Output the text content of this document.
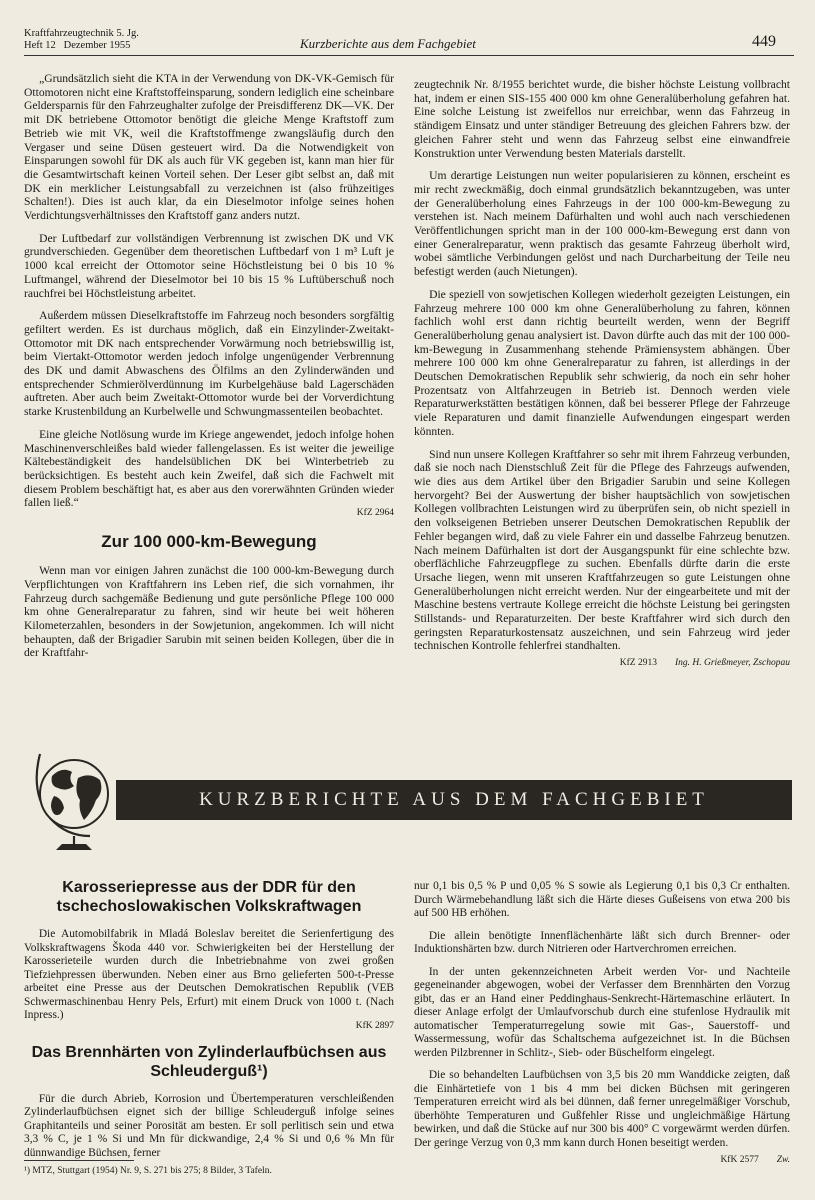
Kraftfahrzeugtechnik 5. Jg.
Heft 12   Dezember 1955	Kurzberichte aus dem Fachgebiet	449

„Grundsätzlich sieht die KTA in der Verwendung von DK-VK-Gemisch für Ottomotoren nicht eine Kraftstoffeinsparung, sondern lediglich eine scheinbare Geldersparnis für den Fahrzeughalter zufolge der Preisdifferenz DK—VK. Der mit DK betriebene Ottomotor benötigt die gleiche Menge Kraftstoff zum Betrieb wie mit VK, weil die Kraftstoffmenge zwangsläufig durch den Vergaser und seine Düsen gesteuert wird. Da die Notwendigkeit von Einsparungen sowohl für DK als auch für VK gegeben ist, kann man hier für die Gesamtwirtschaft keinen Vorteil sehen. Der Leser gibt selbst an, daß mit DK ein merklicher Leistungsabfall zu verzeichnen ist (also frühzeitiges Schalten!). Dies ist auch klar, da ein Dieselmotor infolge seines hohen Verdichtungsverhältnisses den Kraftstoff ganz anders nutzt.

Der Luftbedarf zur vollständigen Verbrennung ist zwischen DK und VK grundverschieden. Gegenüber dem theoretischen Luftbedarf von 1 m³ Luft je 1000 kcal erreicht der Ottomotor seine Höchstleistung bei 0 bis 10 % Luftmangel, während der Dieselmotor bei 10 bis 15 % Luftüberschuß noch rauchfrei bei Höchstleistung arbeitet.

Außerdem müssen Dieselkraftstoffe im Fahrzeug noch besonders sorgfältig gefiltert werden. Es ist durchaus möglich, daß ein Einzylinder-Zweitakt-Ottomotor mit DK nach entsprechender Vorwärmung noch betriebswillig ist, beim Viertakt-Ottomotor werden jedoch infolge ungenügender Verbrennung des DK und damit Abwaschens des Ölfilms an den Zylinderwänden und entsprechender Schmierölverdünnung im Kurbelgehäuse bald Lagerschäden auftreten. Aber auch beim Zweitakt-Ottomotor wurde bei der Vorverdichtung starke Krustenbildung an Kurbelwelle und Schwungmassenteilen beobachtet.

Eine gleiche Notlösung wurde im Kriege angewendet, jedoch infolge hohen Maschinenverschleißes bald wieder fallengelassen. Es ist weiter die jeweilige Kältebeständigkeit des handelsüblichen DK bei Winterbetrieb zu berücksichtigen. Es besteht auch kein Zweifel, daß sich die Fachwelt mit diesem Problem beschäftigt hat, es aber aus den vorerwähnten Gründen wieder fallen ließ.“

KfZ 2964
Zur 100 000-km-Bewegung

Wenn man vor einigen Jahren zunächst die 100 000-km-Bewegung durch Verpflichtungen von Kraftfahrern ins Leben rief, die sich vornahmen, ihr Fahrzeug durch sachgemäße Bedienung und gute persönliche Pflege 100 000 km ohne Generalreparatur zu fahren, sind wir heute bei weit höheren Kilometerzahlen, besonders in der Sowjetunion, angekommen. Ich will nicht behaupten, daß der Brigadier Sarubin mit seinen beiden Kollegen, über die in der Kraftfahr-

zeugtechnik Nr. 8/1955 berichtet wurde, die bisher höchste Leistung vollbracht hat, indem er einen SIS-155 400 000 km ohne Generalüberholung gefahren hat. Eine solche Leistung ist zweifellos nur erreichbar, wenn das Fahrzeug in ständigem Einsatz und unter ständiger Betreuung des gleichen Fahrers bzw. der gleichen Fahrer steht und wenn das Fahrzeug selbst eine einwandfreie Konstruktion unter Verwendung besten Materials darstellt.

Um derartige Leistungen nun weiter popularisieren zu können, erscheint es mir recht zweckmäßig, doch einmal grundsätzlich bekanntzugeben, was unter der Generalüberholung eines Fahrzeugs in der 100 000-km-Bewegung zu verstehen ist. Nach meinem Dafürhalten und wohl auch nach verschiedenen Veröffentlichungen spricht man in der 100 000-km-Bewegung erst dann von einer Generalreparatur, wenn praktisch das gesamte Fahrzeug überholt wird, wobei sämtliche Verbindungen gelöst und nach Durcharbeitung der Teile neu befestigt werden (auch Nietungen).

Die speziell von sowjetischen Kollegen wiederholt gezeigten Leistungen, ein Fahrzeug mehrere 100 000 km ohne Generalüberholung zu fahren, können fachlich wohl erst dann richtig beurteilt werden, wenn der Begriff Generalüberholung genau analysiert ist. Davon dürfte auch das mit der 100 000-km-Bewegung in Zusammenhang stehende Prämiensystem abhängen. Über mehrere 100 000 km ohne Generalreparatur zu fahren, ist allerdings in der Deutschen Demokratischen Republik sehr schwierig, da noch ein sehr hoher Prozentsatz von Altfahrzeugen in Betrieb ist. Dennoch werden viele Reparaturwerkstätten bestätigen können, daß bei besserer Pflege der Fahrzeuge viele Reparaturen und damit finanzielle Aufwendungen eingespart werden könnten.

Sind nun unsere Kollegen Kraftfahrer so sehr mit ihrem Fahrzeug verbunden, daß sie noch nach Dienstschluß Zeit für die Pflege des Fahrzeugs aufwenden, wie dies aus dem Artikel über den Brigadier Sarubin und seine Kollegen hervorgeht? Bei der Auswertung der bisher hauptsächlich von sowjetischen Kollegen vollbrachten Leistungen wird zu überprüfen sein, ob nicht speziell in den volkseigenen Betrieben unserer Deutschen Demokratischen Republik der Fehler begangen wird, daß zu viele Fahrer ein und dasselbe Fahrzeug benutzen. Nach meinem Dafürhalten ist dort der Ausgangspunkt für eine schlechte bzw. oberflächliche Fahrzeugpflege zu suchen. Ebenfalls dürfte darin die erste Ursache liegen, wenn mit unseren Kraftfahrzeugen so gute Leistungen ohne Generalüberholungen nicht erreicht werden. Nur der eingearbeitete und mit der Maschine bestens vertraute Kollege erreicht die höchste Leistung bei geringsten Stillstands- und Reparaturzeiten. Der beste Kraftfahrer wird sich durch den geringsten Reparaturkostensatz auszeichnen, und sein Fahrzeug wird jeder technischen Kontrolle fehlerfrei standhalten.

KfZ 2913 Ing. H. Grießmeyer, Zschopau
KURZBERICHTE AUS DEM FACHGEBIET
Karosseriepresse aus der DDR für den tschechoslowakischen Volkskraftwagen

Die Automobilfabrik in Mladá Boleslav bereitet die Serienfertigung des Volkskraftwagens Škoda 440 vor. Schwierigkeiten bei der Herstellung der Karosserieteile wurden durch die Inbetriebnahme von zwei großen Tiefziehpressen überwunden. Neben einer aus Brno gelieferten 500-t-Presse arbeitet eine Presse aus der Deutschen Demokratischen Republik (VEB Schwermaschinenbau Henry Pels, Erfurt) mit einem Druck von 1000 t. (Nach Inpress.)

KfK 2897
Das Brennhärten von Zylinderlaufbüchsen aus Schleuderguß¹)

Für die durch Abrieb, Korrosion und Übertemperaturen verschleißenden Zylinderlaufbüchsen eignet sich der billige Schleuderguß infolge seines Graphitanteils und seiner Porosität am besten. Er soll perlitisch sein und etwa 3,3 % C, je 1 % Si und Mn für dickwandige, 2,4 % Si und 0,6 % Mn für dünnwandige Büchsen, ferner

nur 0,1 bis 0,5 % P und 0,05 % S sowie als Legierung 0,1 bis 0,3 Cr enthalten. Durch Wärmebehandlung läßt sich die Härte dieses Gußeisens von etwa 200 bis auf 500 HB erhöhen.

Die allein benötigte Innenflächenhärte läßt sich durch Brenner- oder Induktionshärten bzw. durch Nitrieren oder Hartverchromen erreichen.

In der unten gekennzeichneten Arbeit werden Vor- und Nachteile gegeneinander abgewogen, wobei der Verfasser dem Brennhärten den Vorzug gibt, das er an Hand einer Peddinghaus-Senkrecht-Härtemaschine erläutert. In dieser Anlage erfolgt der Umlaufvorschub durch eine stufenlose Hydraulik mit automatischer Temperaturregelung sowie mit Gas-, Sauerstoff- und Wassermessung, wofür das Schaltschema aufgezeichnet ist. In die Büchsen werden Pilzbrenner in Schlitz-, Sieb- oder Büschelform eingelegt.

Die so behandelten Laufbüchsen von 3,5 bis 20 mm Wanddicke zeigten, daß die Einhärtetiefe von 1 bis 4 mm bei dicken Büchsen mit geringeren Temperaturen erreicht wird als bei dünnen, daß ferner unregelmäßiger Vorschub, überhöhte Temperaturen und Gußfehler Risse und ungleichmäßige Härtung bewirken, und daß die Stücke auf nur 300 bis 400° C vorgewärmt werden dürfen. Der geringe Verzug von 0,3 mm kann durch Honen beseitigt werden.

KfK 2577 Zw.
¹) MTZ, Stuttgart (1954) Nr. 9, S. 271 bis 275; 8 Bilder, 3 Tafeln.
